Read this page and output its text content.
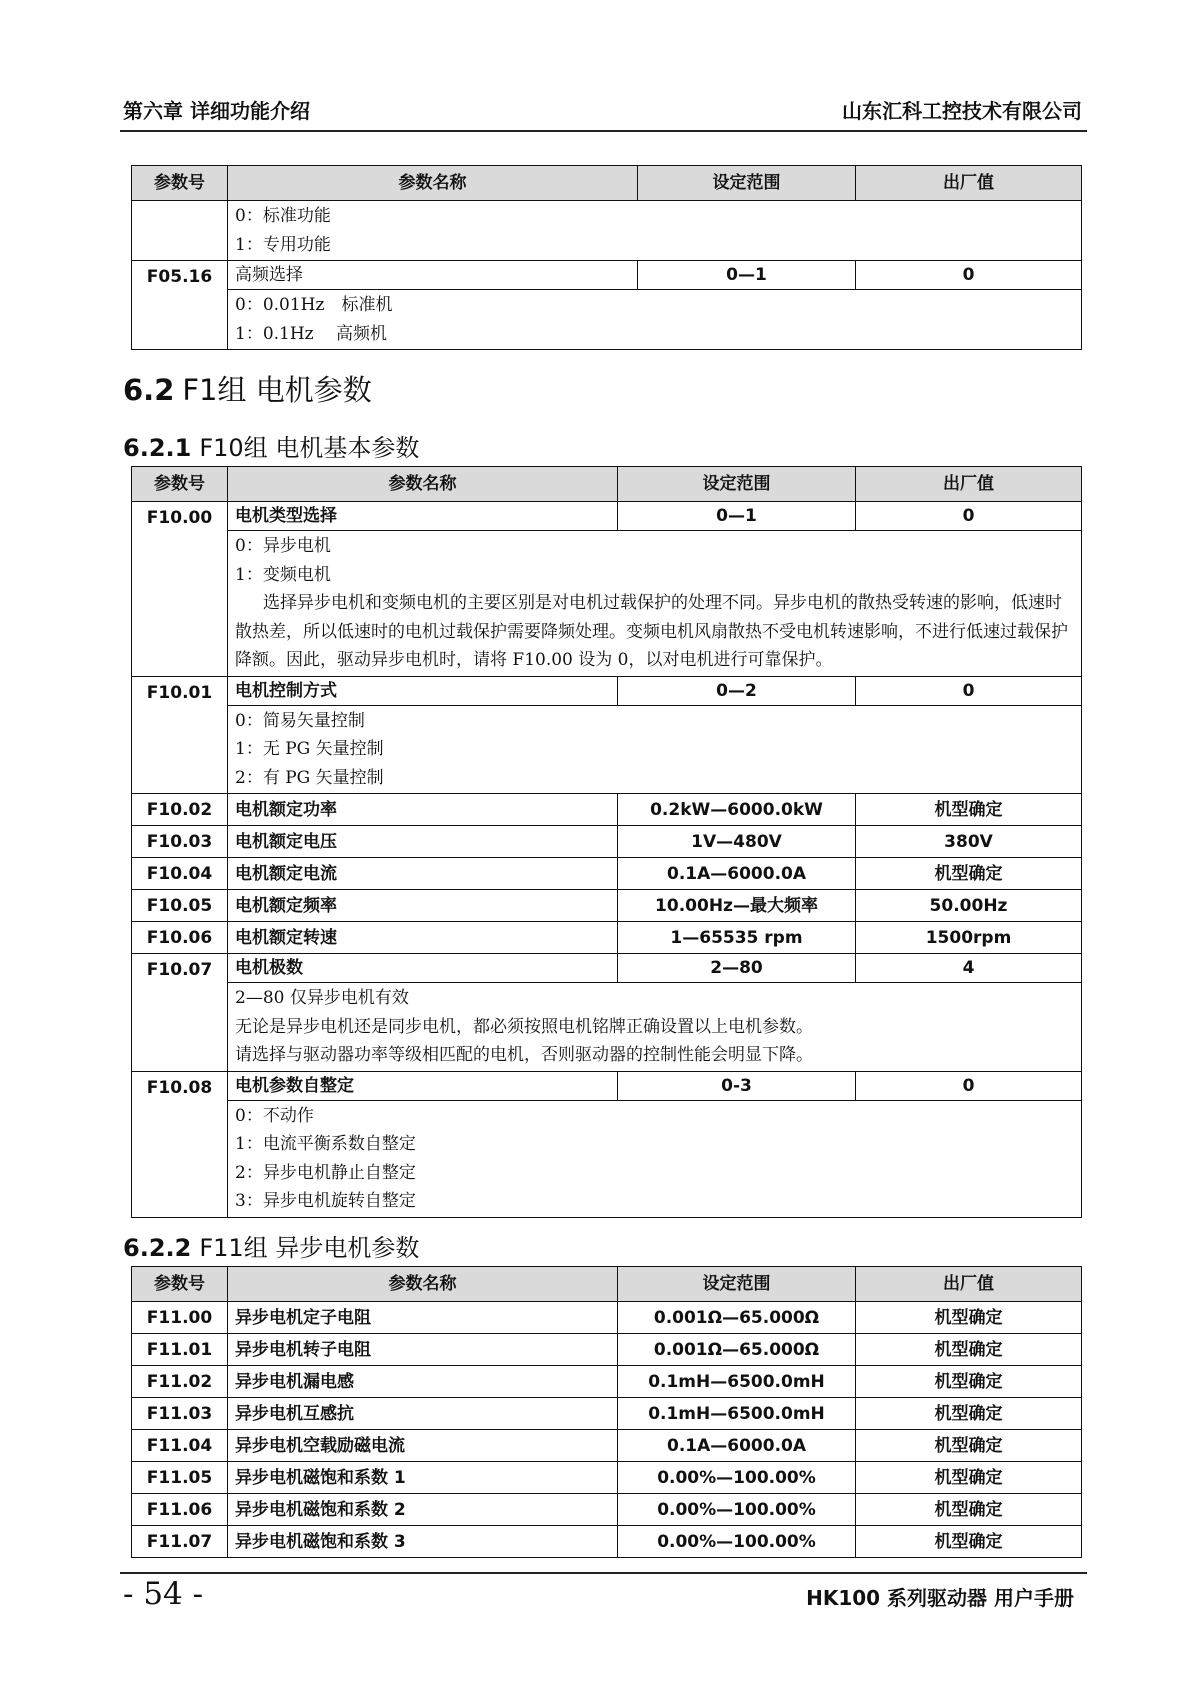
第六章 详细功能介绍	山东汇科工控技术有限公司
参数号	参数名称	设定范围	出厂值

	0：标准功能
1：专用功能		

F05.16	高频选择	0—1	0

	0：0.01Hz　标准机
1：0.1Hz　 高频机		
6.2 F1组 电机参数
6.2.1 F10组 电机基本参数
参数号	参数名称	设定范围	出厂值
F10.00	电机类型选择	0—1	0

	0：异步电机
1：变频电机
选择异步电机和变频电机的主要区别是对电机过载保护的处理不同。异步电机的散热受转速的影响，低速时散热差，所以低速时的电机过载保护需要降频处理。变频电机风扇散热不受电机转速影响，不进行低速过载保护降额。因此，驱动异步电机时，请将 F10.00 设为 0，以对电机进行可靠保护。		

F10.01	电机控制方式	0—2	0

	0：简易矢量控制
1：无 PG 矢量控制
2：有 PG 矢量控制		

F10.02	电机额定功率	0.2kW—6000.0kW	机型确定
F10.03	电机额定电压	1V—480V	380V
F10.04	电机额定电流	0.1A—6000.0A	机型确定
F10.05	电机额定频率	10.00Hz—最大频率	50.00Hz
F10.06	电机额定转速	1—65535 rpm	1500rpm
F10.07	电机极数	2—80	4

	2—80 仅异步电机有效
无论是异步电机还是同步电机，都必须按照电机铭牌正确设置以上电机参数。
请选择与驱动器功率等级相匹配的电机，否则驱动器的控制性能会明显下降。		

F10.08	电机参数自整定	0-3	0

	0：不动作
1：电流平衡系数自整定
2：异步电机静止自整定
3：异步电机旋转自整定		
6.2.2 F11组 异步电机参数
参数号	参数名称	设定范围	出厂值
F11.00	异步电机定子电阻	0.001Ω—65.000Ω	机型确定
F11.01	异步电机转子电阻	0.001Ω—65.000Ω	机型确定
F11.02	异步电机漏电感	0.1mH—6500.0mH	机型确定
F11.03	异步电机互感抗	0.1mH—6500.0mH	机型确定
F11.04	异步电机空载励磁电流	0.1A—6000.0A	机型确定
F11.05	异步电机磁饱和系数 1	0.00%—100.00%	机型确定
F11.06	异步电机磁饱和系数 2	0.00%—100.00%	机型确定
F11.07	异步电机磁饱和系数 3	0.00%—100.00%	机型确定
- 54 -	HK100 系列驱动器 用户手册
